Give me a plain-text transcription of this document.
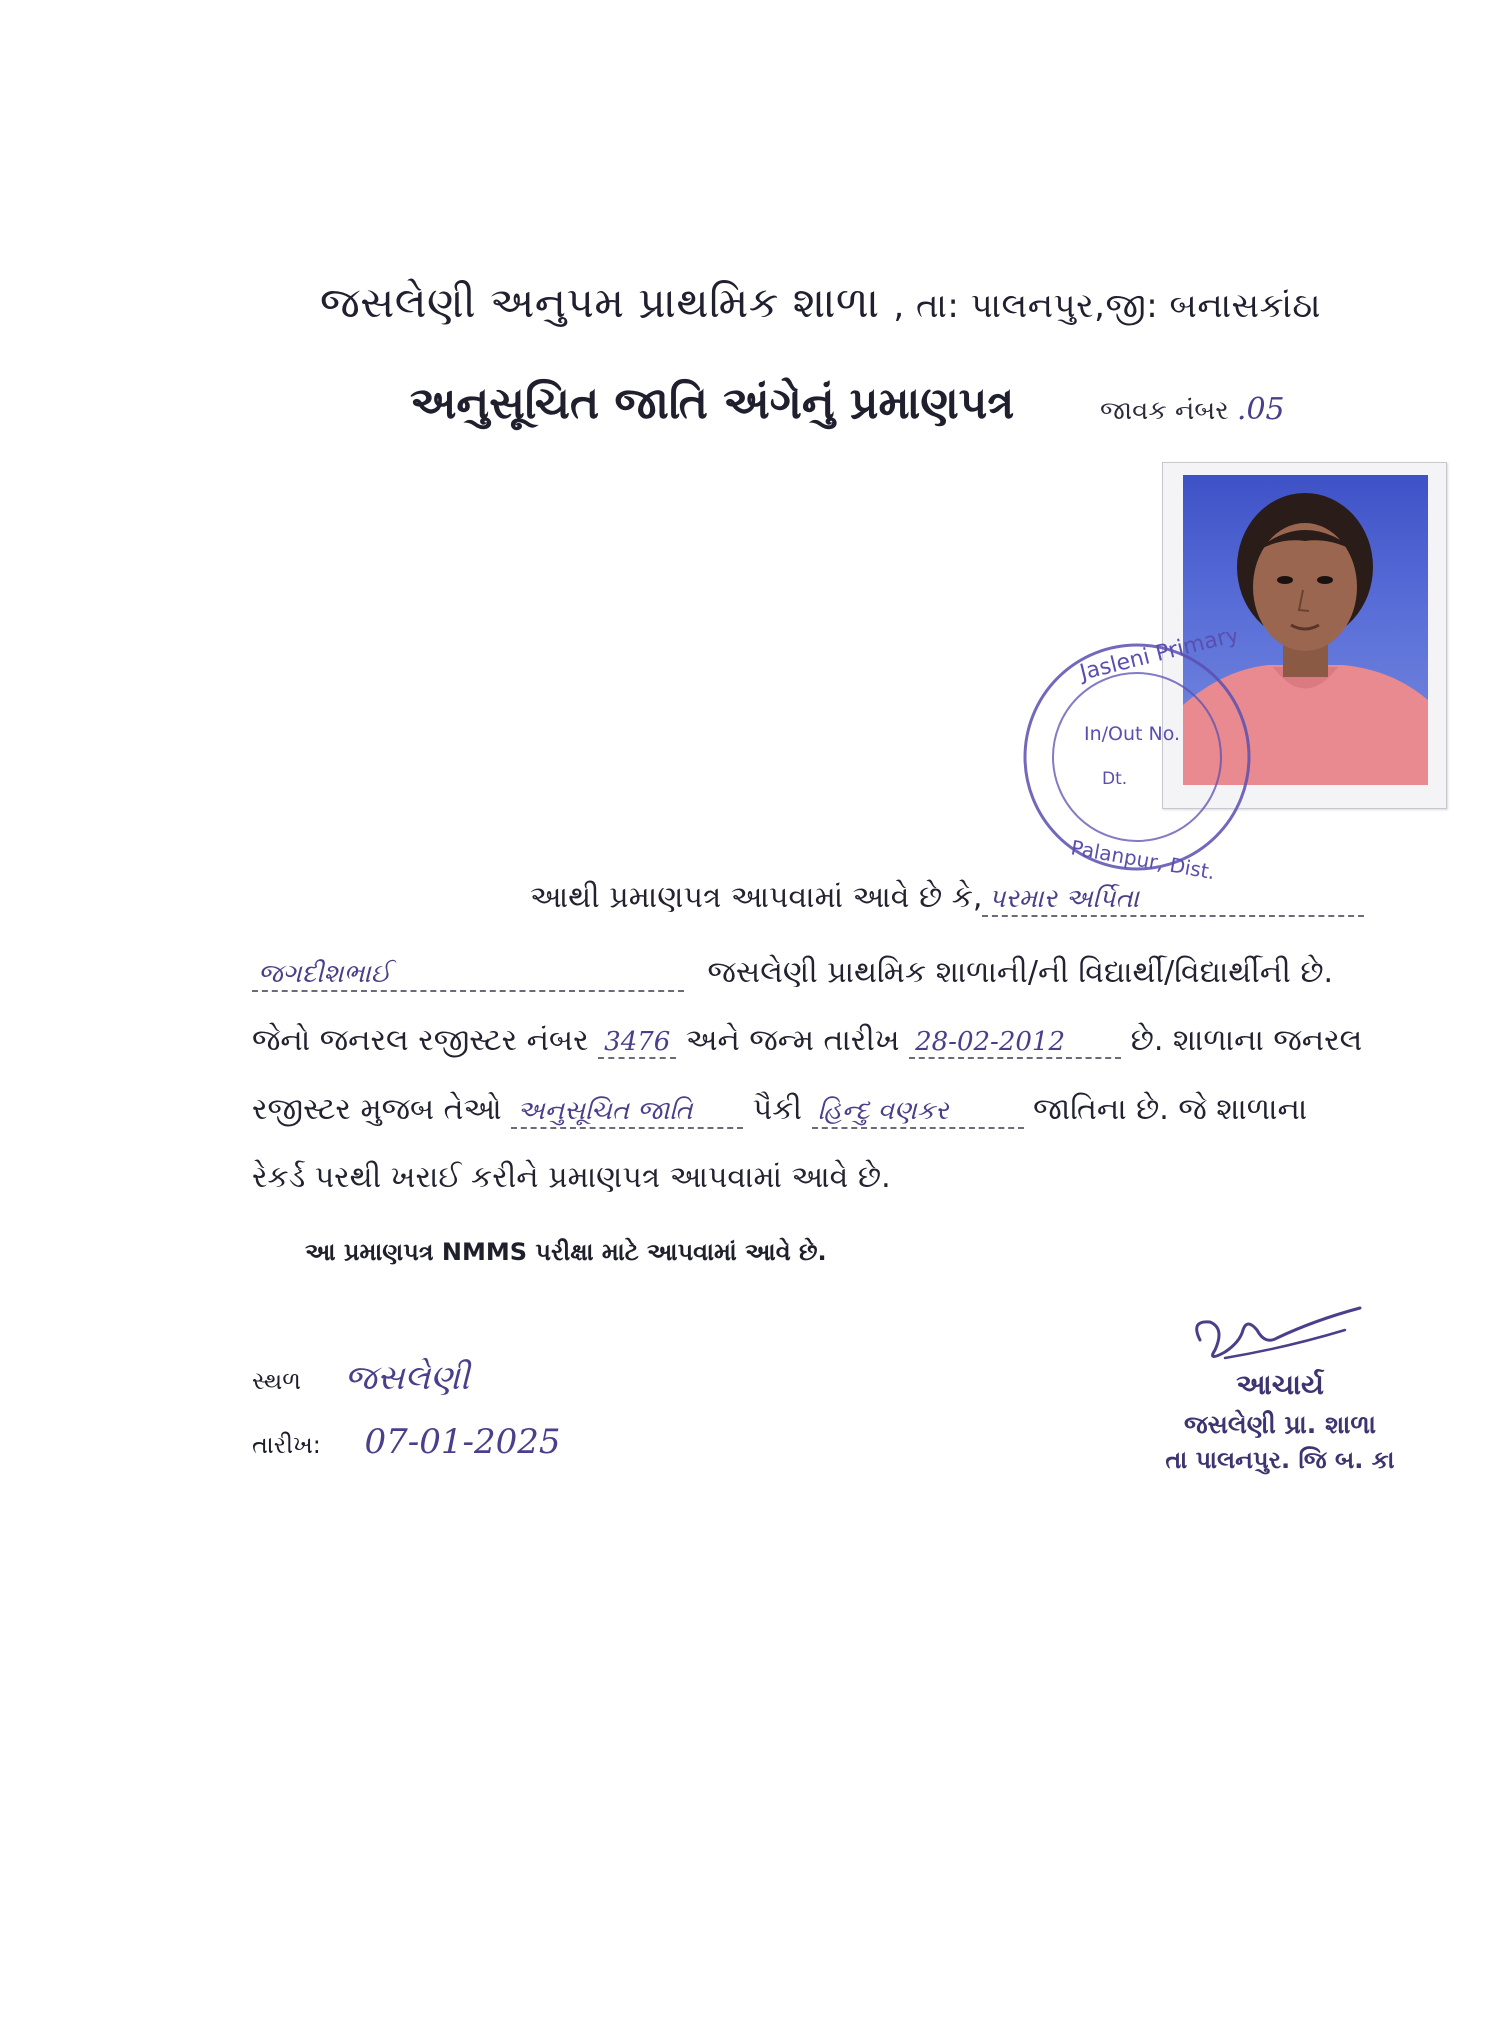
જસલેણી અનુપમ પ્રાથમિક શાળા , તા: પાલનપુર,જી: બનાસકાંઠા
અનુસૂચિત જાતિ અંગેનું પ્રમાણપત્ર	જાવક નંબર .05
Jasleni Primary
In/Out No.
Dt.
Palanpur, Dist.
આથી પ્રમાણપત્ર આપવામાં આવે છે કે, પરમાર અર્પિતા
જગદીશભાઈ	જસલેણી પ્રાથમિક શાળાની/ની વિદ્યાર્થી/વિદ્યાર્થીની છે.
જેનો જનરલ રજીસ્ટર નંબર 3476 અને જન્મ તારીખ 28-02-2012 છે. શાળાના જનરલ
રજીસ્ટર મુજબ તેઓ અનુસૂચિત જાતિ પૈકી હિન્દુ વણકર	જાતિના છે. જે શાળાના
રેકર્ડ પરથી ખરાઈ કરીને પ્રમાણપત્ર આપવામાં આવે છે.
આ પ્રમાણપત્ર NMMS પરીક્ષા માટે આપવામાં આવે છે.
સ્થળ જસલેણી
તારીખ: 07-01-2025
આચાર્ય
જસલેણી પ્રા. શાળા
તા પાલનપુર. જિ બ. કા
